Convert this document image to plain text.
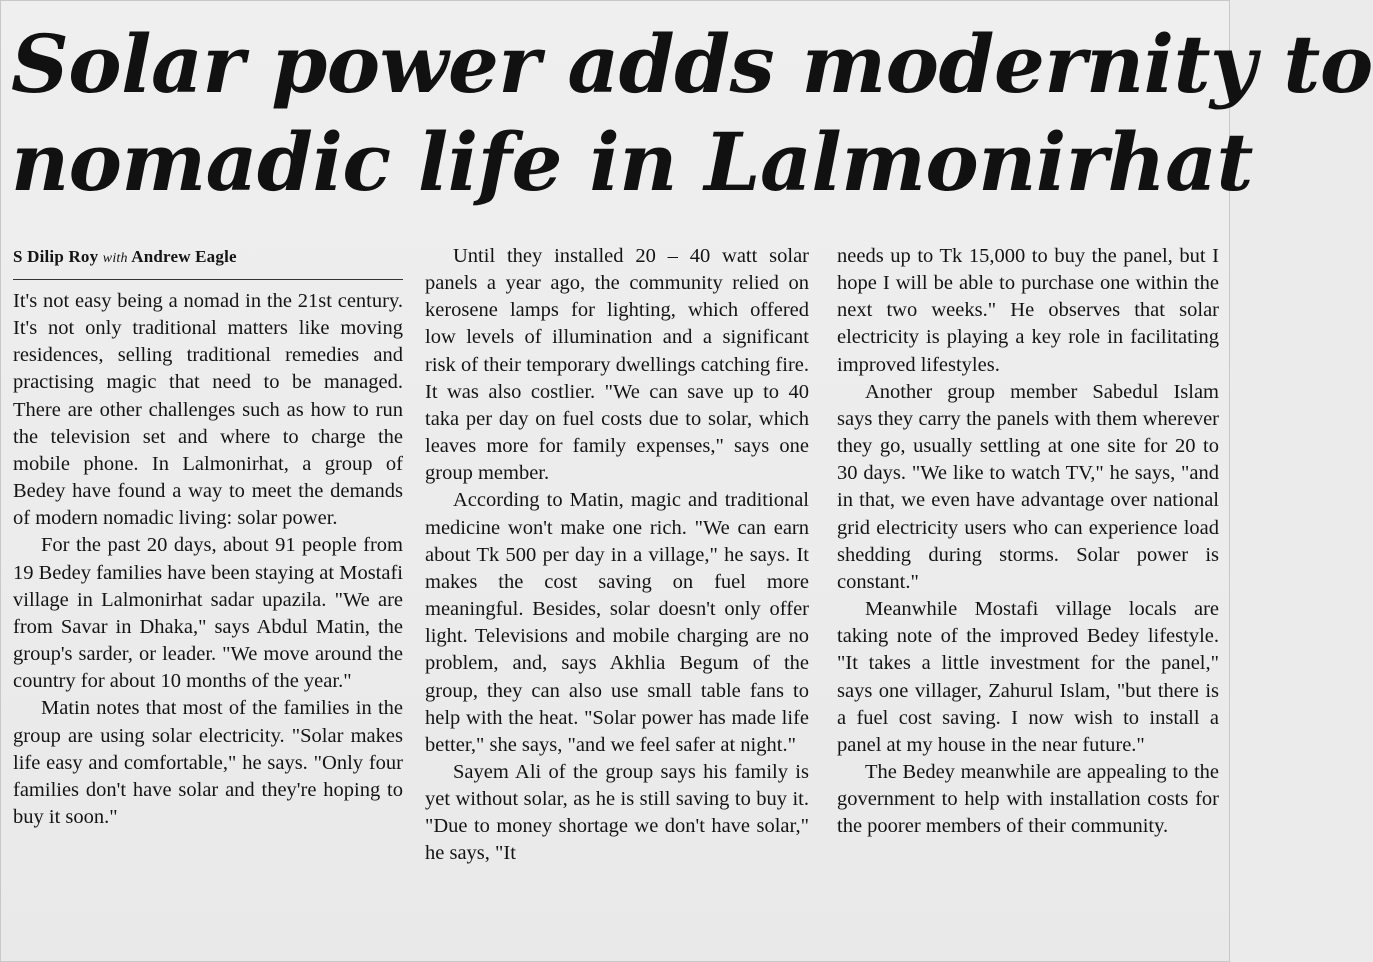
Solar power adds modernity to
nomadic life in Lalmonirhat
S Dilip Roy with Andrew Eagle

It's not easy being a nomad in the 21st century. It's not only traditional matters like moving residences, selling traditional remedies and practising magic that need to be managed. There are other challenges such as how to run the television set and where to charge the mobile phone. In Lalmonirhat, a group of Bedey have found a way to meet the demands of modern nomadic living: solar power.

For the past 20 days, about 91 people from 19 Bedey families have been staying at Mostafi village in Lalmonirhat sadar upazila. "We are from Savar in Dhaka," says Abdul Matin, the group's sarder, or leader. "We move around the country for about 10 months of the year."

Matin notes that most of the families in the group are using solar electricity. "Solar makes life easy and comfortable," he says. "Only four families don't have solar and they're hoping to buy it soon."

Until they installed 20 – 40 watt solar panels a year ago, the community relied on kerosene lamps for lighting, which offered low levels of illumination and a significant risk of their temporary dwellings catching fire. It was also costlier. "We can save up to 40 taka per day on fuel costs due to solar, which leaves more for family expenses," says one group member.

According to Matin, magic and traditional medicine won't make one rich. "We can earn about Tk 500 per day in a village," he says. It makes the cost saving on fuel more meaningful. Besides, solar doesn't only offer light. Televisions and mobile charging are no problem, and, says Akhlia Begum of the group, they can also use small table fans to help with the heat. "Solar power has made life better," she says, "and we feel safer at night."

Sayem Ali of the group says his family is yet without solar, as he is still saving to buy it. "Due to money shortage we don't have solar," he says, "It

needs up to Tk 15,000 to buy the panel, but I hope I will be able to purchase one within the next two weeks." He observes that solar electricity is playing a key role in facilitating improved lifestyles.

Another group member Sabedul Islam says they carry the panels with them wherever they go, usually settling at one site for 20 to 30 days. "We like to watch TV," he says, "and in that, we even have advantage over national grid electricity users who can experience load shedding during storms. Solar power is constant."

Meanwhile Mostafi village locals are taking note of the improved Bedey lifestyle. "It takes a little investment for the panel," says one villager, Zahurul Islam, "but there is a fuel cost saving. I now wish to install a panel at my house in the near future."

The Bedey meanwhile are appealing to the government to help with installation costs for the poorer members of their community.
